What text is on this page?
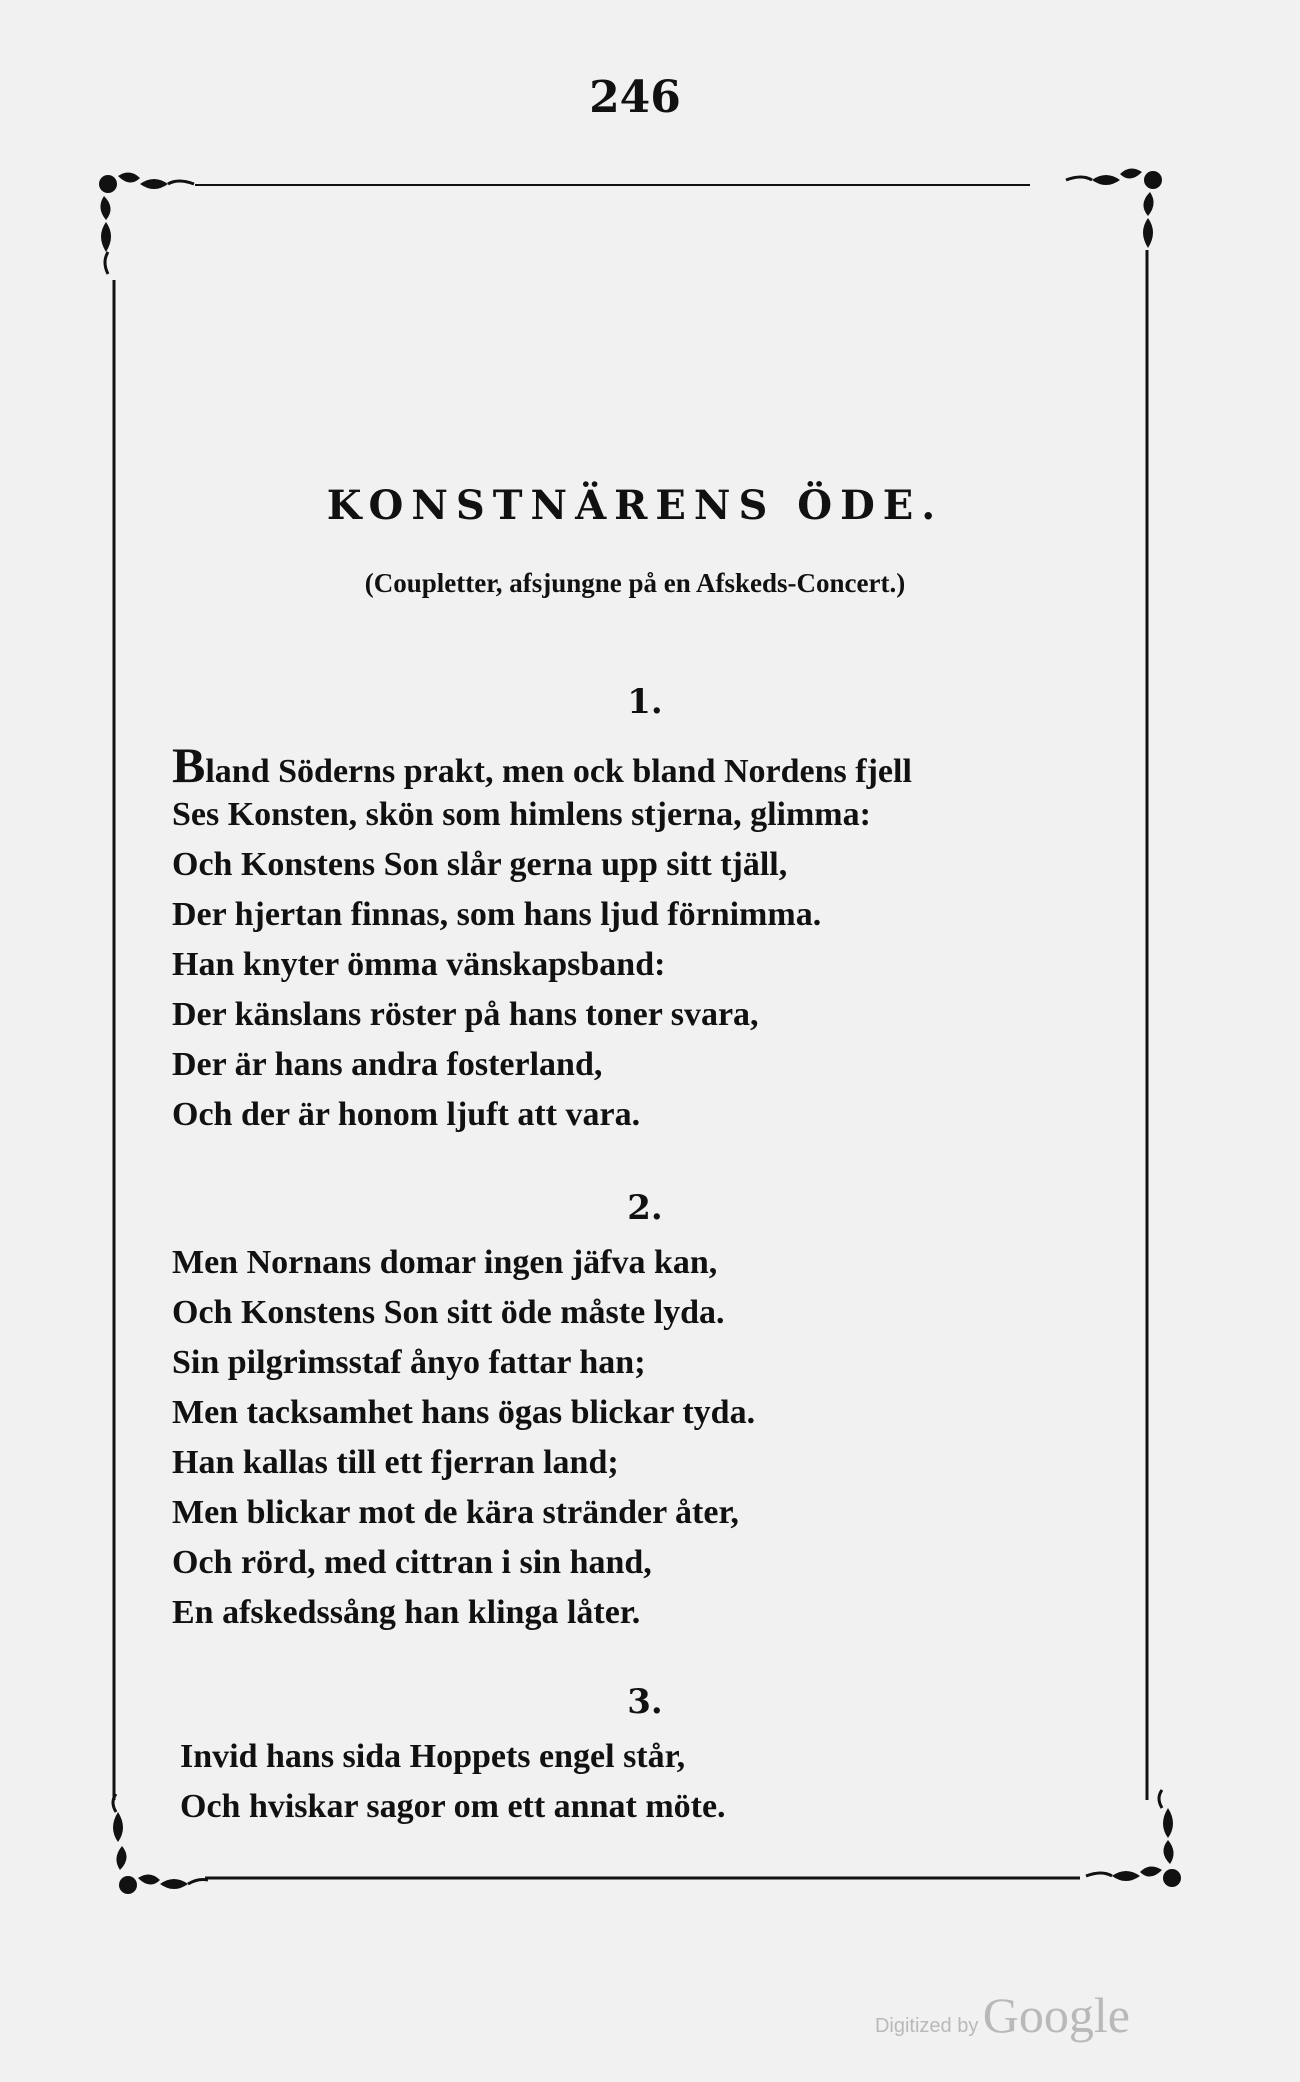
246
KONSTNÄRENS ÖDE.
(Coupletter, afsjungne på en Afskeds-Concert.)
1.
Bland Söderns prakt, men ock bland Nordens fjell
Ses Konsten, skön som himlens stjerna, glimma:
Och Konstens Son slår gerna upp sitt tjäll,
Der hjertan finnas, som hans ljud förnimma.
Han knyter ömma vänskapsband:
Der känslans röster på hans toner svara,
Der är hans andra fosterland,
Och der är honom ljuft att vara.
2.
Men Nornans domar ingen jäfva kan,
Och Konstens Son sitt öde måste lyda.
Sin pilgrimsstaf ånyo fattar han;
Men tacksamhet hans ögas blickar tyda.
Han kallas till ett fjerran land;
Men blickar mot de kära stränder åter,
Och rörd, med cittran i sin hand,
En afskedssång han klinga låter.
3.
Invid hans sida Hoppets engel står,
Och hviskar sagor om ett annat möte.
Digitized by Google
